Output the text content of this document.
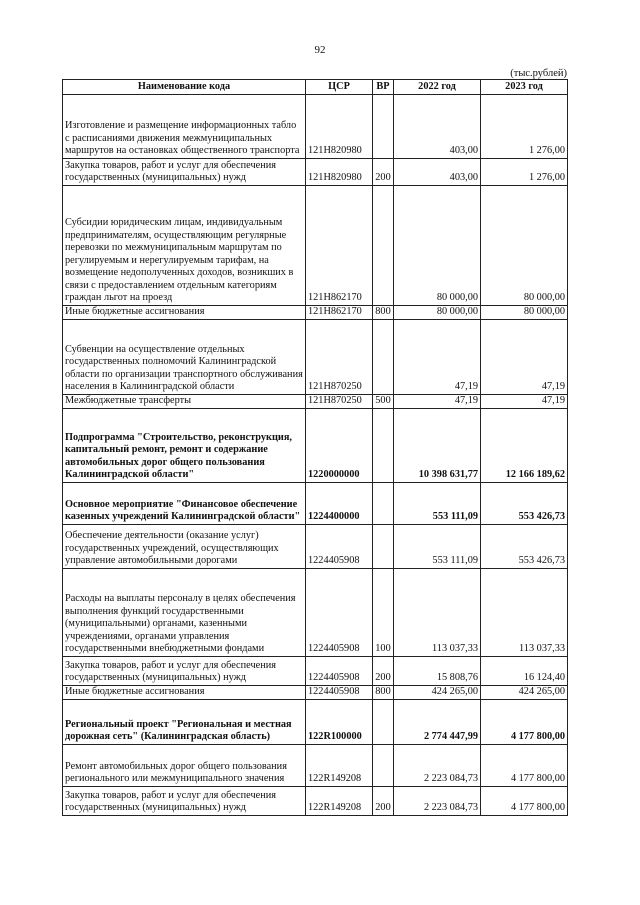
92
(тыс.рублей)
Наименование кода	ЦСР	ВР	2022 год	2023 год
Изготовление и размещение информационных табло с расписаниями движения межмуниципальных маршрутов на остановках общественного транспорта	121Н820980		403,00	1 276,00
Закупка товаров, работ и услуг для обеспечения государственных (муниципальных) нужд	121Н820980	200	403,00	1 276,00
Субсидии юридическим лицам, индивидуальным предпринимателям, осуществляющим регулярные перевозки по межмуниципальным маршрутам по регулируемым и нерегулируемым тарифам, на возмещение недополученных доходов, возникших в связи с предоставлением отдельным категориям граждан льгот на проезд	121Н862170		80 000,00	80 000,00
Иные бюджетные ассигнования	121Н862170	800	80 000,00	80 000,00
Субвенции на осуществление отдельных государственных полномочий Калининградской области по организации транспортного обслуживания населения в Калининградской области	121Н870250		47,19	47,19
Межбюджетные трансферты	121Н870250	500	47,19	47,19
Подпрограмма "Строительство, реконструкция, капитальный ремонт, ремонт и содержание автомобильных дорог общего пользования Калининградской области"	1220000000		10 398 631,77	12 166 189,62
Основное мероприятие "Финансовое обеспечение казенных учреждений Калининградской области"	1224400000		553 111,09	553 426,73
Обеспечение деятельности (оказание услуг) государственных учреждений, осуществляющих управление автомобильными дорогами	1224405908		553 111,09	553 426,73
Расходы на выплаты персоналу в целях обеспечения выполнения функций государственными (муниципальными) органами, казенными учреждениями, органами управления государственными внебюджетными фондами	1224405908	100	113 037,33	113 037,33
Закупка товаров, работ и услуг для обеспечения государственных (муниципальных) нужд	1224405908	200	15 808,76	16 124,40
Иные бюджетные ассигнования	1224405908	800	424 265,00	424 265,00
Региональный проект "Региональная и местная дорожная сеть" (Калининградская область)	122R100000		2 774 447,99	4 177 800,00
Ремонт автомобильных дорог общего пользования регионального или межмуниципального значения	122R149208		2 223 084,73	4 177 800,00
Закупка товаров, работ и услуг для обеспечения государственных (муниципальных) нужд	122R149208	200	2 223 084,73	4 177 800,00
